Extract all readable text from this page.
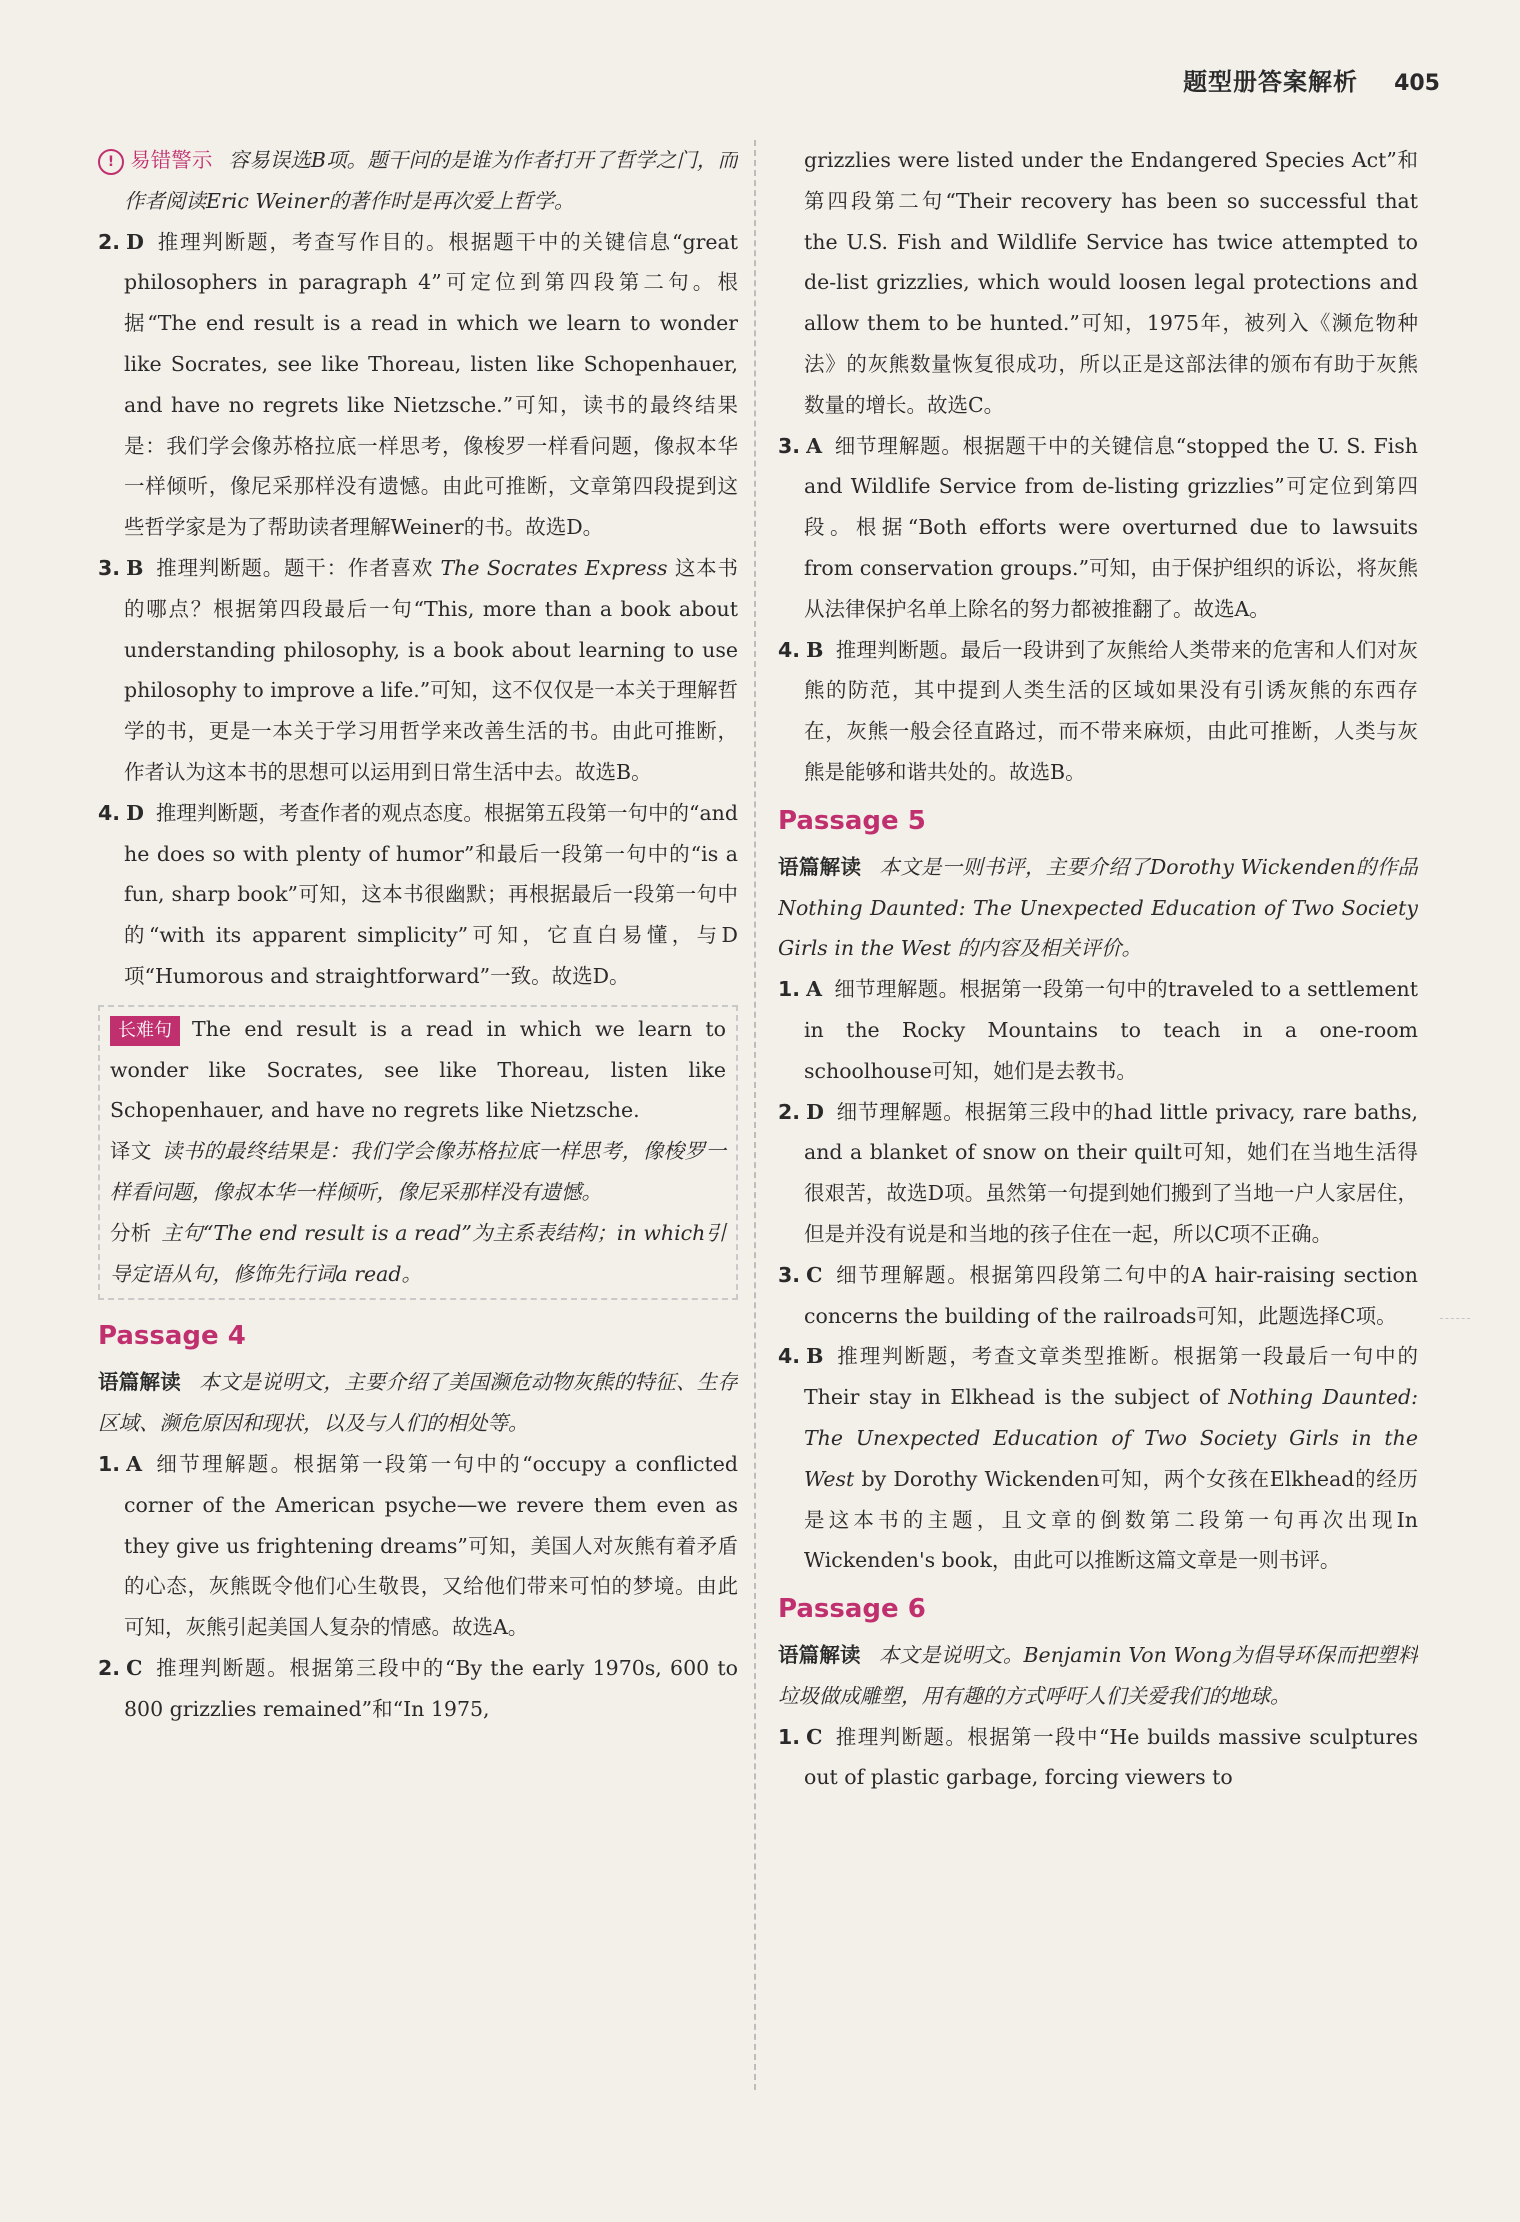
题型册答案解析 405

! 易错警示 容易误选B项。题干问的是谁为作者打开了哲学之门，而作者阅读Eric Weiner的著作时是再次爱上哲学。

2. D 推理判断题，考查写作目的。根据题干中的关键信息“great philosophers in paragraph 4”可定位到第四段第二句。根据“The end result is a read in which we learn to wonder like Socrates, see like Thoreau, listen like Schopenhauer, and have no regrets like Nietzsche.”可知，读书的最终结果是：我们学会像苏格拉底一样思考，像梭罗一样看问题，像叔本华一样倾听，像尼采那样没有遗憾。由此可推断，文章第四段提到这些哲学家是为了帮助读者理解Weiner的书。故选D。

3. B 推理判断题。题干：作者喜欢 The Socrates Express 这本书的哪点？根据第四段最后一句“This, more than a book about understanding philosophy, is a book about learning to use philosophy to improve a life.”可知，这不仅仅是一本关于理解哲学的书，更是一本关于学习用哲学来改善生活的书。由此可推断，作者认为这本书的思想可以运用到日常生活中去。故选B。

4. D 推理判断题，考查作者的观点态度。根据第五段第一句中的“and he does so with plenty of humor”和最后一段第一句中的“is a fun, sharp book”可知，这本书很幽默；再根据最后一段第一句中的“with its apparent simplicity”可知，它直白易懂，与D项“Humorous and straightforward”一致。故选D。

长难句 The end result is a read in which we learn to wonder like Socrates, see like Thoreau, listen like Schopenhauer, and have no regrets like Nietzsche.

译文 读书的最终结果是：我们学会像苏格拉底一样思考，像梭罗一样看问题，像叔本华一样倾听，像尼采那样没有遗憾。

分析 主句“The end result is a read”为主系表结构；in which引导定语从句，修饰先行词a read。

Passage 4

语篇解读 本文是说明文，主要介绍了美国濒危动物灰熊的特征、生存区域、濒危原因和现状，以及与人们的相处等。

1. A 细节理解题。根据第一段第一句中的“occupy a conflicted corner of the American psyche—we revere them even as they give us frightening dreams”可知，美国人对灰熊有着矛盾的心态，灰熊既令他们心生敬畏，又给他们带来可怕的梦境。由此可知，灰熊引起美国人复杂的情感。故选A。

2. C 推理判断题。根据第三段中的“By the early 1970s, 600 to 800 grizzlies remained”和“In 1975,

grizzlies were listed under the Endangered Species Act”和第四段第二句“Their recovery has been so successful that the U.S. Fish and Wildlife Service has twice attempted to de-list grizzlies, which would loosen legal protections and allow them to be hunted.”可知，1975年，被列入《濒危物种法》的灰熊数量恢复很成功，所以正是这部法律的颁布有助于灰熊数量的增长。故选C。

3. A 细节理解题。根据题干中的关键信息“stopped the U. S. Fish and Wildlife Service from de-listing grizzlies”可定位到第四段。根据“Both efforts were overturned due to lawsuits from conservation groups.”可知，由于保护组织的诉讼，将灰熊从法律保护名单上除名的努力都被推翻了。故选A。

4. B 推理判断题。最后一段讲到了灰熊给人类带来的危害和人们对灰熊的防范，其中提到人类生活的区域如果没有引诱灰熊的东西存在，灰熊一般会径直路过，而不带来麻烦，由此可推断，人类与灰熊是能够和谐共处的。故选B。

Passage 5

语篇解读 本文是一则书评，主要介绍了Dorothy Wickenden的作品 Nothing Daunted: The Unexpected Education of Two Society Girls in the West 的内容及相关评价。

1. A 细节理解题。根据第一段第一句中的traveled to a settlement in the Rocky Mountains to teach in a one-room schoolhouse可知，她们是去教书。

2. D 细节理解题。根据第三段中的had little privacy, rare baths, and a blanket of snow on their quilt可知，她们在当地生活得很艰苦，故选D项。虽然第一句提到她们搬到了当地一户人家居住，但是并没有说是和当地的孩子住在一起，所以C项不正确。

3. C 细节理解题。根据第四段第二句中的A hair-raising section concerns the building of the railroads可知，此题选择C项。

4. B 推理判断题，考查文章类型推断。根据第一段最后一句中的Their stay in Elkhead is the subject of Nothing Daunted: The Unexpected Education of Two Society Girls in the West by Dorothy Wickenden可知，两个女孩在Elkhead的经历是这本书的主题，且文章的倒数第二段第一句再次出现In Wickenden's book，由此可以推断这篇文章是一则书评。

Passage 6

语篇解读 本文是说明文。Benjamin Von Wong为倡导环保而把塑料垃圾做成雕塑，用有趣的方式呼吁人们关爱我们的地球。

1. C 推理判断题。根据第一段中“He builds massive sculptures out of plastic garbage, forcing viewers to
